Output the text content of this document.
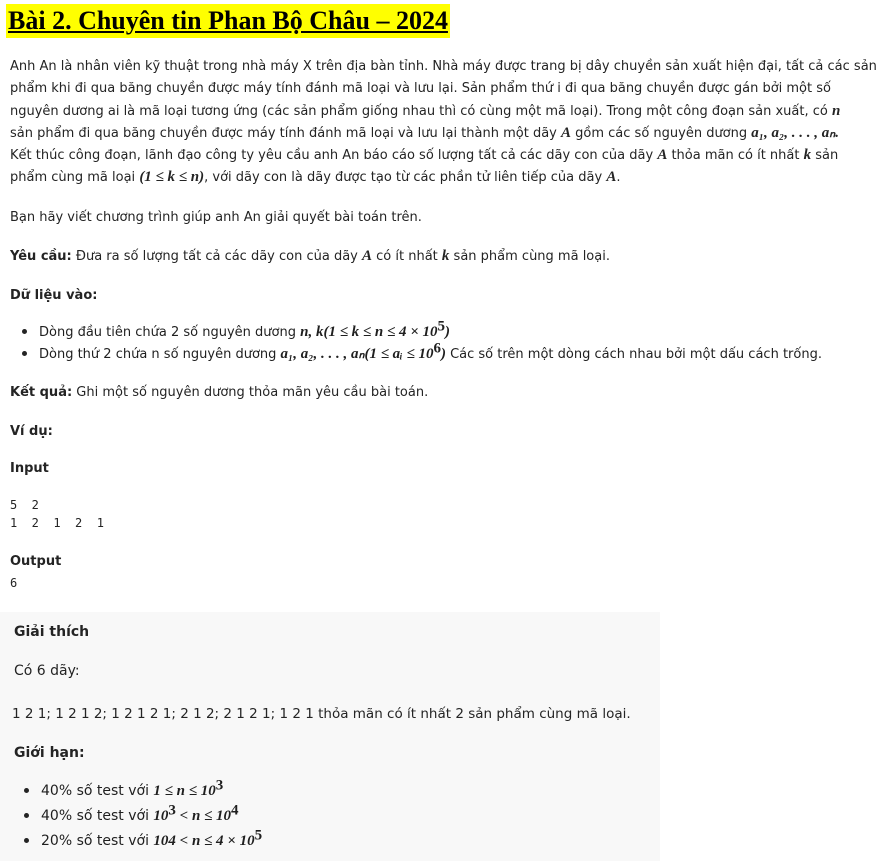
Bài 2. Chuyên tin Phan Bộ Châu – 2024
Anh An là nhân viên kỹ thuật trong nhà máy X trên địa bàn tỉnh. Nhà máy được trang bị dây chuyền sản xuất hiện đại, tất cả các sản
phẩm khi đi qua băng chuyền được máy tính đánh mã loại và lưu lại. Sản phẩm thứ i đi qua băng chuyền được gán bởi một số
nguyên dương ai là mã loại tương ứng (các sản phẩm giống nhau thì có cùng một mã loại). Trong một công đoạn sản xuất, có n
sản phẩm đi qua băng chuyền được máy tính đánh mã loại và lưu lại thành một dãy A gồm các số nguyên dương a₁, a₂, . . . , aₙ.
Kết thúc công đoạn, lãnh đạo công ty yêu cầu anh An báo cáo số lượng tất cả các dãy con của dãy A thỏa mãn có ít nhất k sản
phẩm cùng mã loại (1 ≤ k ≤ n), với dãy con là dãy được tạo từ các phần tử liên tiếp của dãy A.
Bạn hãy viết chương trình giúp anh An giải quyết bài toán trên.
Yêu cầu: Đưa ra số lượng tất cả các dãy con của dãy A có ít nhất k sản phẩm cùng mã loại.
Dữ liệu vào:
Dòng đầu tiên chứa 2 số nguyên dương n, $k(1 \le k \le n \le 4 \times 10^5)$
Dòng thứ 2 chứa n số nguyên dương a₁, a₂, . . . , aₙ(1 ≤ aᵢ ≤ $10^6$) Các số trên một dòng cách nhau bởi một dấu cách trống.
Kết quả: Ghi một số nguyên dương thỏa mãn yêu cầu bài toán.
Ví dụ:
Input
5  2
1  2  1  2  1
Output
6
Giải thích
Có 6 dãy:
1 2 1; 1 2 1 2; 1 2 1 2 1; 2 1 2; 2 1 2 1; 1 2 1 thỏa mãn có ít nhất 2 sản phẩm cùng mã loại.
Giới hạn:
40% số test với $1 \le n \le 10^3$
40% số test với $10^3 < n \le 10^4$
20% số test với $104 < n \le 4 \times 10^5$
